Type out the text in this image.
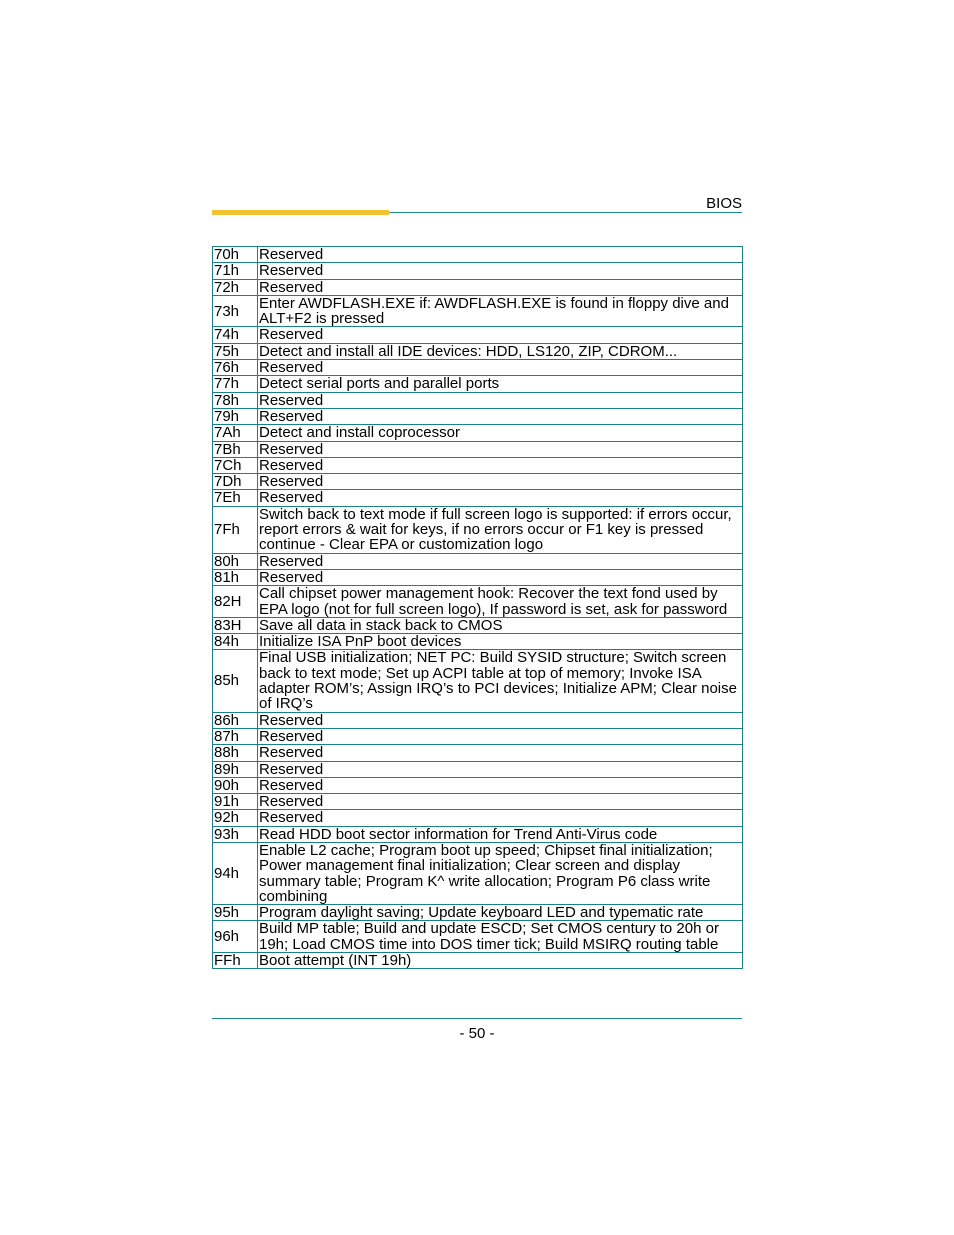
BIOS
70h	Reserved
71h	Reserved
72h	Reserved
73h	Enter AWDFLASH.EXE if: AWDFLASH.EXE is found in floppy dive and ALT+F2 is pressed
74h	Reserved
75h	Detect and install all IDE devices: HDD, LS120, ZIP, CDROM...
76h	Reserved
77h	Detect serial ports and parallel ports
78h	Reserved
79h	Reserved
7Ah	Detect and install coprocessor
7Bh	Reserved
7Ch	Reserved
7Dh	Reserved
7Eh	Reserved
7Fh	Switch back to text mode if full screen logo is supported: if errors occur, report errors & wait for keys, if no errors occur or F1 key is pressed continue - Clear EPA or customization logo
80h	Reserved
81h	Reserved
82H	Call chipset power management hook: Recover the text fond used by EPA logo (not for full screen logo), If password is set, ask for password
83H	Save all data in stack back to CMOS
84h	Initialize ISA PnP boot devices
85h	Final USB initialization; NET PC: Build SYSID structure; Switch screen back to text mode; Set up ACPI table at top of memory; Invoke ISA adapter ROM’s; Assign IRQ’s to PCI devices; Initialize APM; Clear noise of IRQ’s
86h	Reserved
87h	Reserved
88h	Reserved
89h	Reserved
90h	Reserved
91h	Reserved
92h	Reserved
93h	Read HDD boot sector information for Trend Anti-Virus code
94h	Enable L2 cache; Program boot up speed; Chipset final initialization; Power management final initialization; Clear screen and display summary table; Program K^ write allocation; Program P6 class write combining
95h	Program daylight saving; Update keyboard LED and typematic rate
96h	Build MP table; Build and update ESCD; Set CMOS century to 20h or 19h; Load CMOS time into DOS timer tick; Build MSIRQ routing table
FFh	Boot attempt (INT 19h)
- 50 -
